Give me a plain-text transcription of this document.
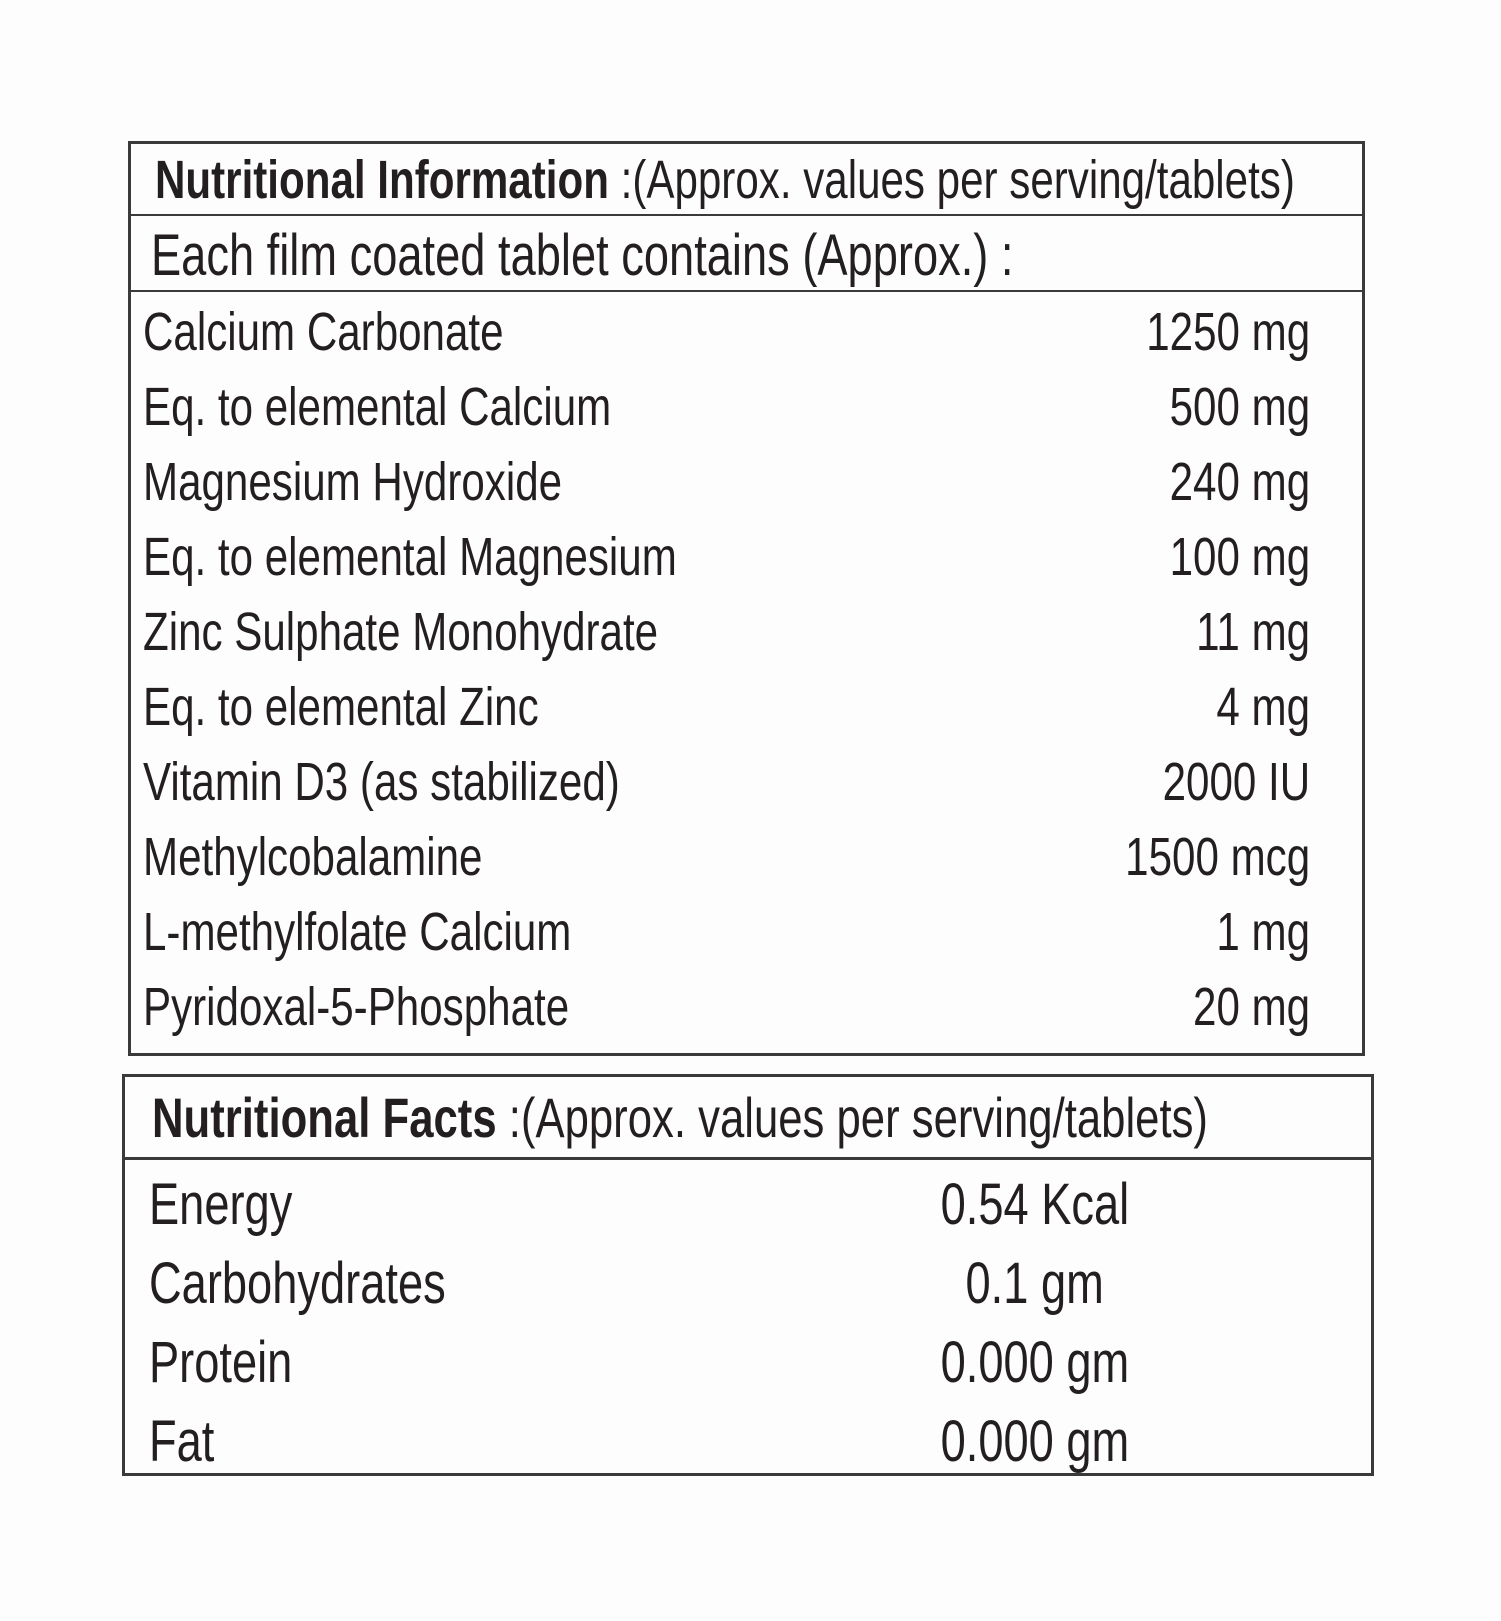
Nutritional Information :(Approx. values per serving/tablets)
Each film coated tablet contains (Approx.) :
Calcium Carbonate	1250 mg
Eq. to elemental Calcium	500 mg
Magnesium Hydroxide	240 mg
Eq. to elemental Magnesium	100 mg
Zinc Sulphate Monohydrate	11 mg
Eq. to elemental Zinc	4 mg
Vitamin D3 (as stabilized)	2000 IU
Methylcobalamine	1500 mcg
L-methylfolate Calcium	1 mg
Pyridoxal-5-Phosphate	20 mg
Nutritional Facts :(Approx. values per serving/tablets)
Energy	0.54 Kcal
Carbohydrates	0.1 gm
Protein	0.000 gm
Fat	0.000 gm
